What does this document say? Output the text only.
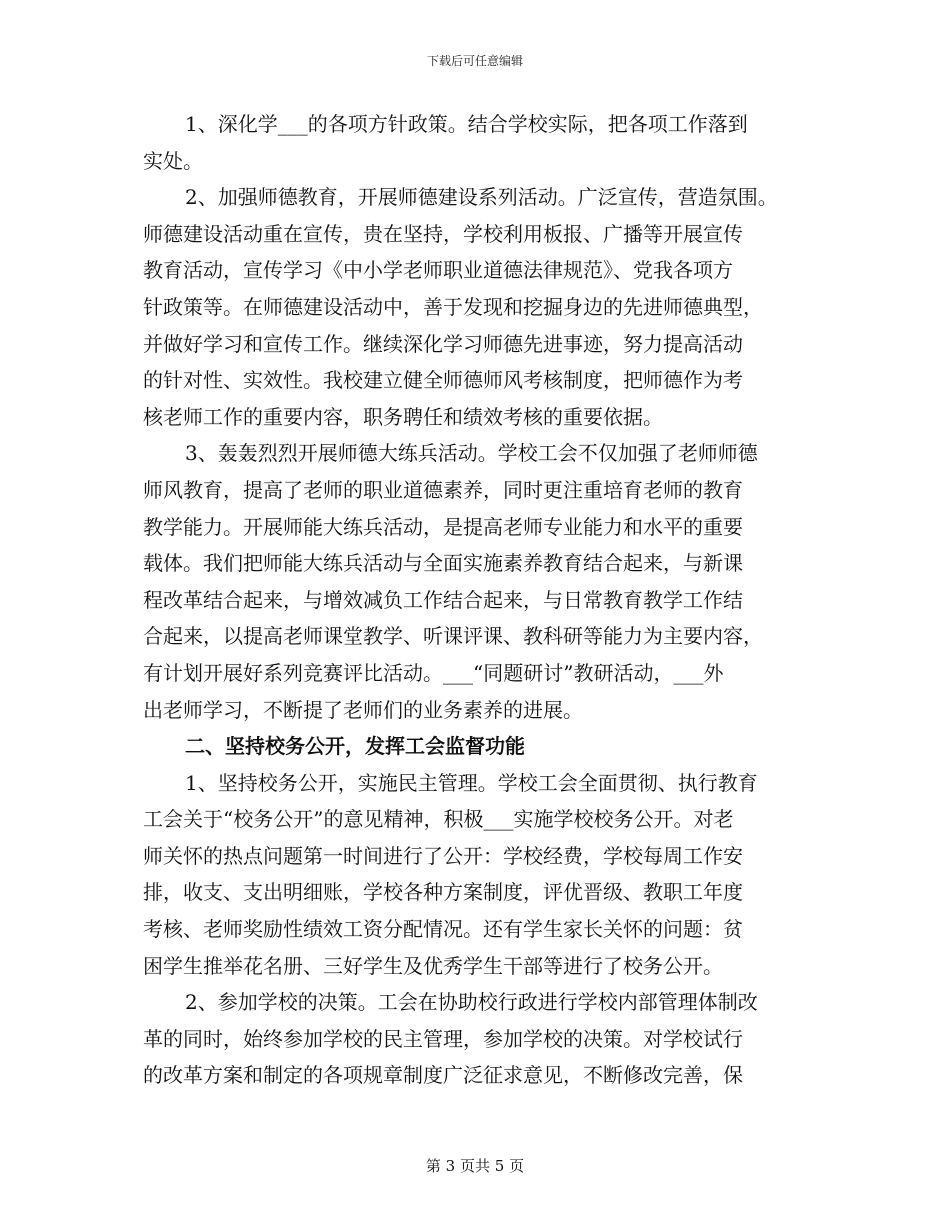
下载后可任意编辑
1、深化学___的各项方针政策。结合学校实际，把各项工作落到
实处。
2、加强师德教育，开展师德建设系列活动。广泛宣传，营造氛围。
师德建设活动重在宣传，贵在坚持，学校利用板报、广播等开展宣传
教育活动，宣传学习《中小学老师职业道德法律规范》、党我各项方
针政策等。在师德建设活动中，善于发现和挖掘身边的先进师德典型，
并做好学习和宣传工作。继续深化学习师德先进事迹，努力提高活动
的针对性、实效性。我校建立健全师德师风考核制度，把师德作为考
核老师工作的重要内容，职务聘任和绩效考核的重要依据。
3、轰轰烈烈开展师德大练兵活动。学校工会不仅加强了老师师德
师风教育，提高了老师的职业道德素养，同时更注重培育老师的教育
教学能力。开展师能大练兵活动，是提高老师专业能力和水平的重要
载体。我们把师能大练兵活动与全面实施素养教育结合起来，与新课
程改革结合起来，与增效减负工作结合起来，与日常教育教学工作结
合起来，以提高老师课堂教学、听课评课、教科研等能力为主要内容，
有计划开展好系列竞赛评比活动。___“同题研讨”教研活动，___外
出老师学习，不断提了老师们的业务素养的进展。
二、坚持校务公开，发挥工会监督功能
1、坚持校务公开，实施民主管理。学校工会全面贯彻、执行教育
工会关于“校务公开”的意见精神，积极___实施学校校务公开。对老
师关怀的热点问题第一时间进行了公开：学校经费，学校每周工作安
排，收支、支出明细账，学校各种方案制度，评优晋级、教职工年度
考核、老师奖励性绩效工资分配情况。还有学生家长关怀的问题：贫
困学生推举花名册、三好学生及优秀学生干部等进行了校务公开。
2、参加学校的决策。工会在协助校行政进行学校内部管理体制改
革的同时，始终参加学校的民主管理，参加学校的决策。对学校试行
的改革方案和制定的各项规章制度广泛征求意见，不断修改完善，保
第 3 页共 5 页
